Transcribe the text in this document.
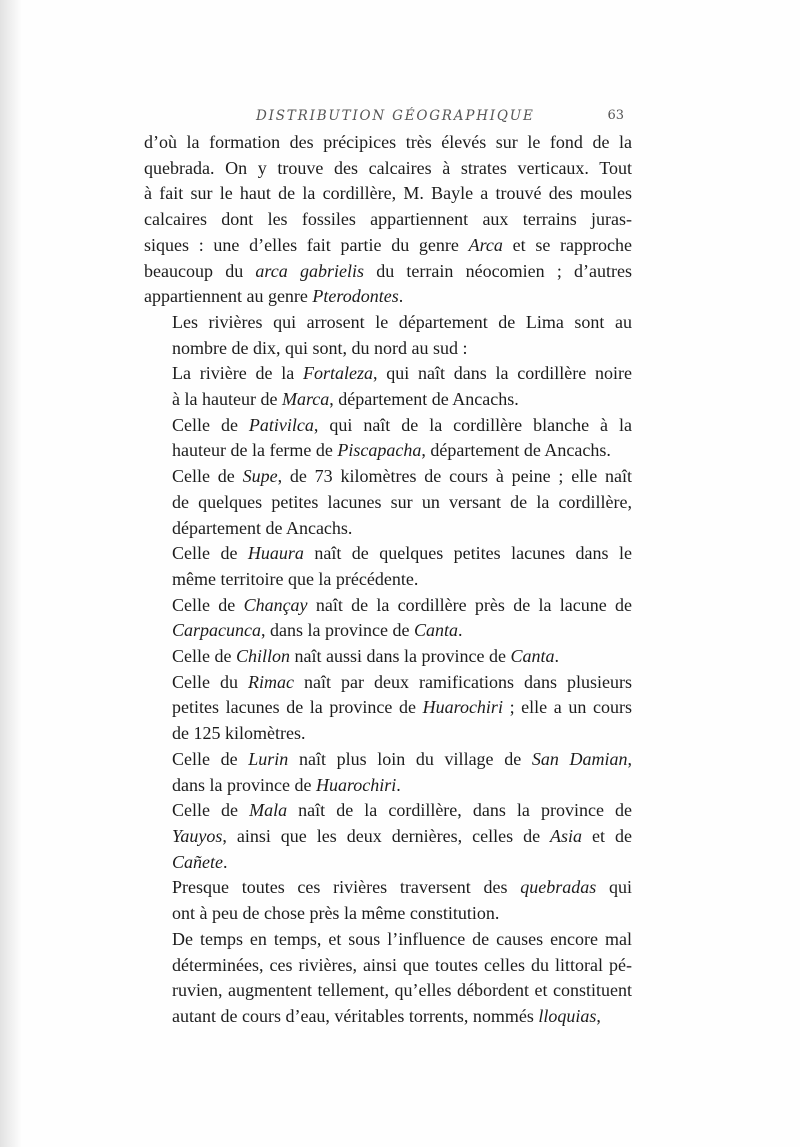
DISTRIBUTION GÉOGRAPHIQUE	63

d’où la formation des précipices très élevés sur le fond de la
quebrada. On y trouve des calcaires à strates verticaux. Tout
à fait sur le haut de la cordillère, M. Bayle a trouvé des moules
calcaires dont les fossiles appartiennent aux terrains juras-
siques : une d’elles fait partie du genre Arca et se rapproche
beaucoup du arca gabrielis du terrain néocomien ; d’autres
appartiennent au genre Pterodontes.

Les rivières qui arrosent le département de Lima sont au
nombre de dix, qui sont, du nord au sud :

La rivière de la Fortaleza, qui naît dans la cordillère noire
à la hauteur de Marca, département de Ancachs.

Celle de Pativilca, qui naît de la cordillère blanche à la
hauteur de la ferme de Piscapacha, département de Ancachs.

Celle de Supe, de 73 kilomètres de cours à peine ; elle naît
de quelques petites lacunes sur un versant de la cordillère,
département de Ancachs.

Celle de Huaura naît de quelques petites lacunes dans le
même territoire que la précédente.

Celle de Chançay naît de la cordillère près de la lacune de
Carpacunca, dans la province de Canta.

Celle de Chillon naît aussi dans la province de Canta.

Celle du Rimac naît par deux ramifications dans plusieurs
petites lacunes de la province de Huarochiri ; elle a un cours
de 125 kilomètres.

Celle de Lurin naît plus loin du village de San Damian,
dans la province de Huarochiri.

Celle de Mala naît de la cordillère, dans la province de
Yauyos, ainsi que les deux dernières, celles de Asia et de
Cañete.

Presque toutes ces rivières traversent des quebradas qui
ont à peu de chose près la même constitution.

De temps en temps, et sous l’influence de causes encore mal
déterminées, ces rivières, ainsi que toutes celles du littoral pé-
ruvien, augmentent tellement, qu’elles débordent et constituent
autant de cours d’eau, véritables torrents, nommés lloquias,
